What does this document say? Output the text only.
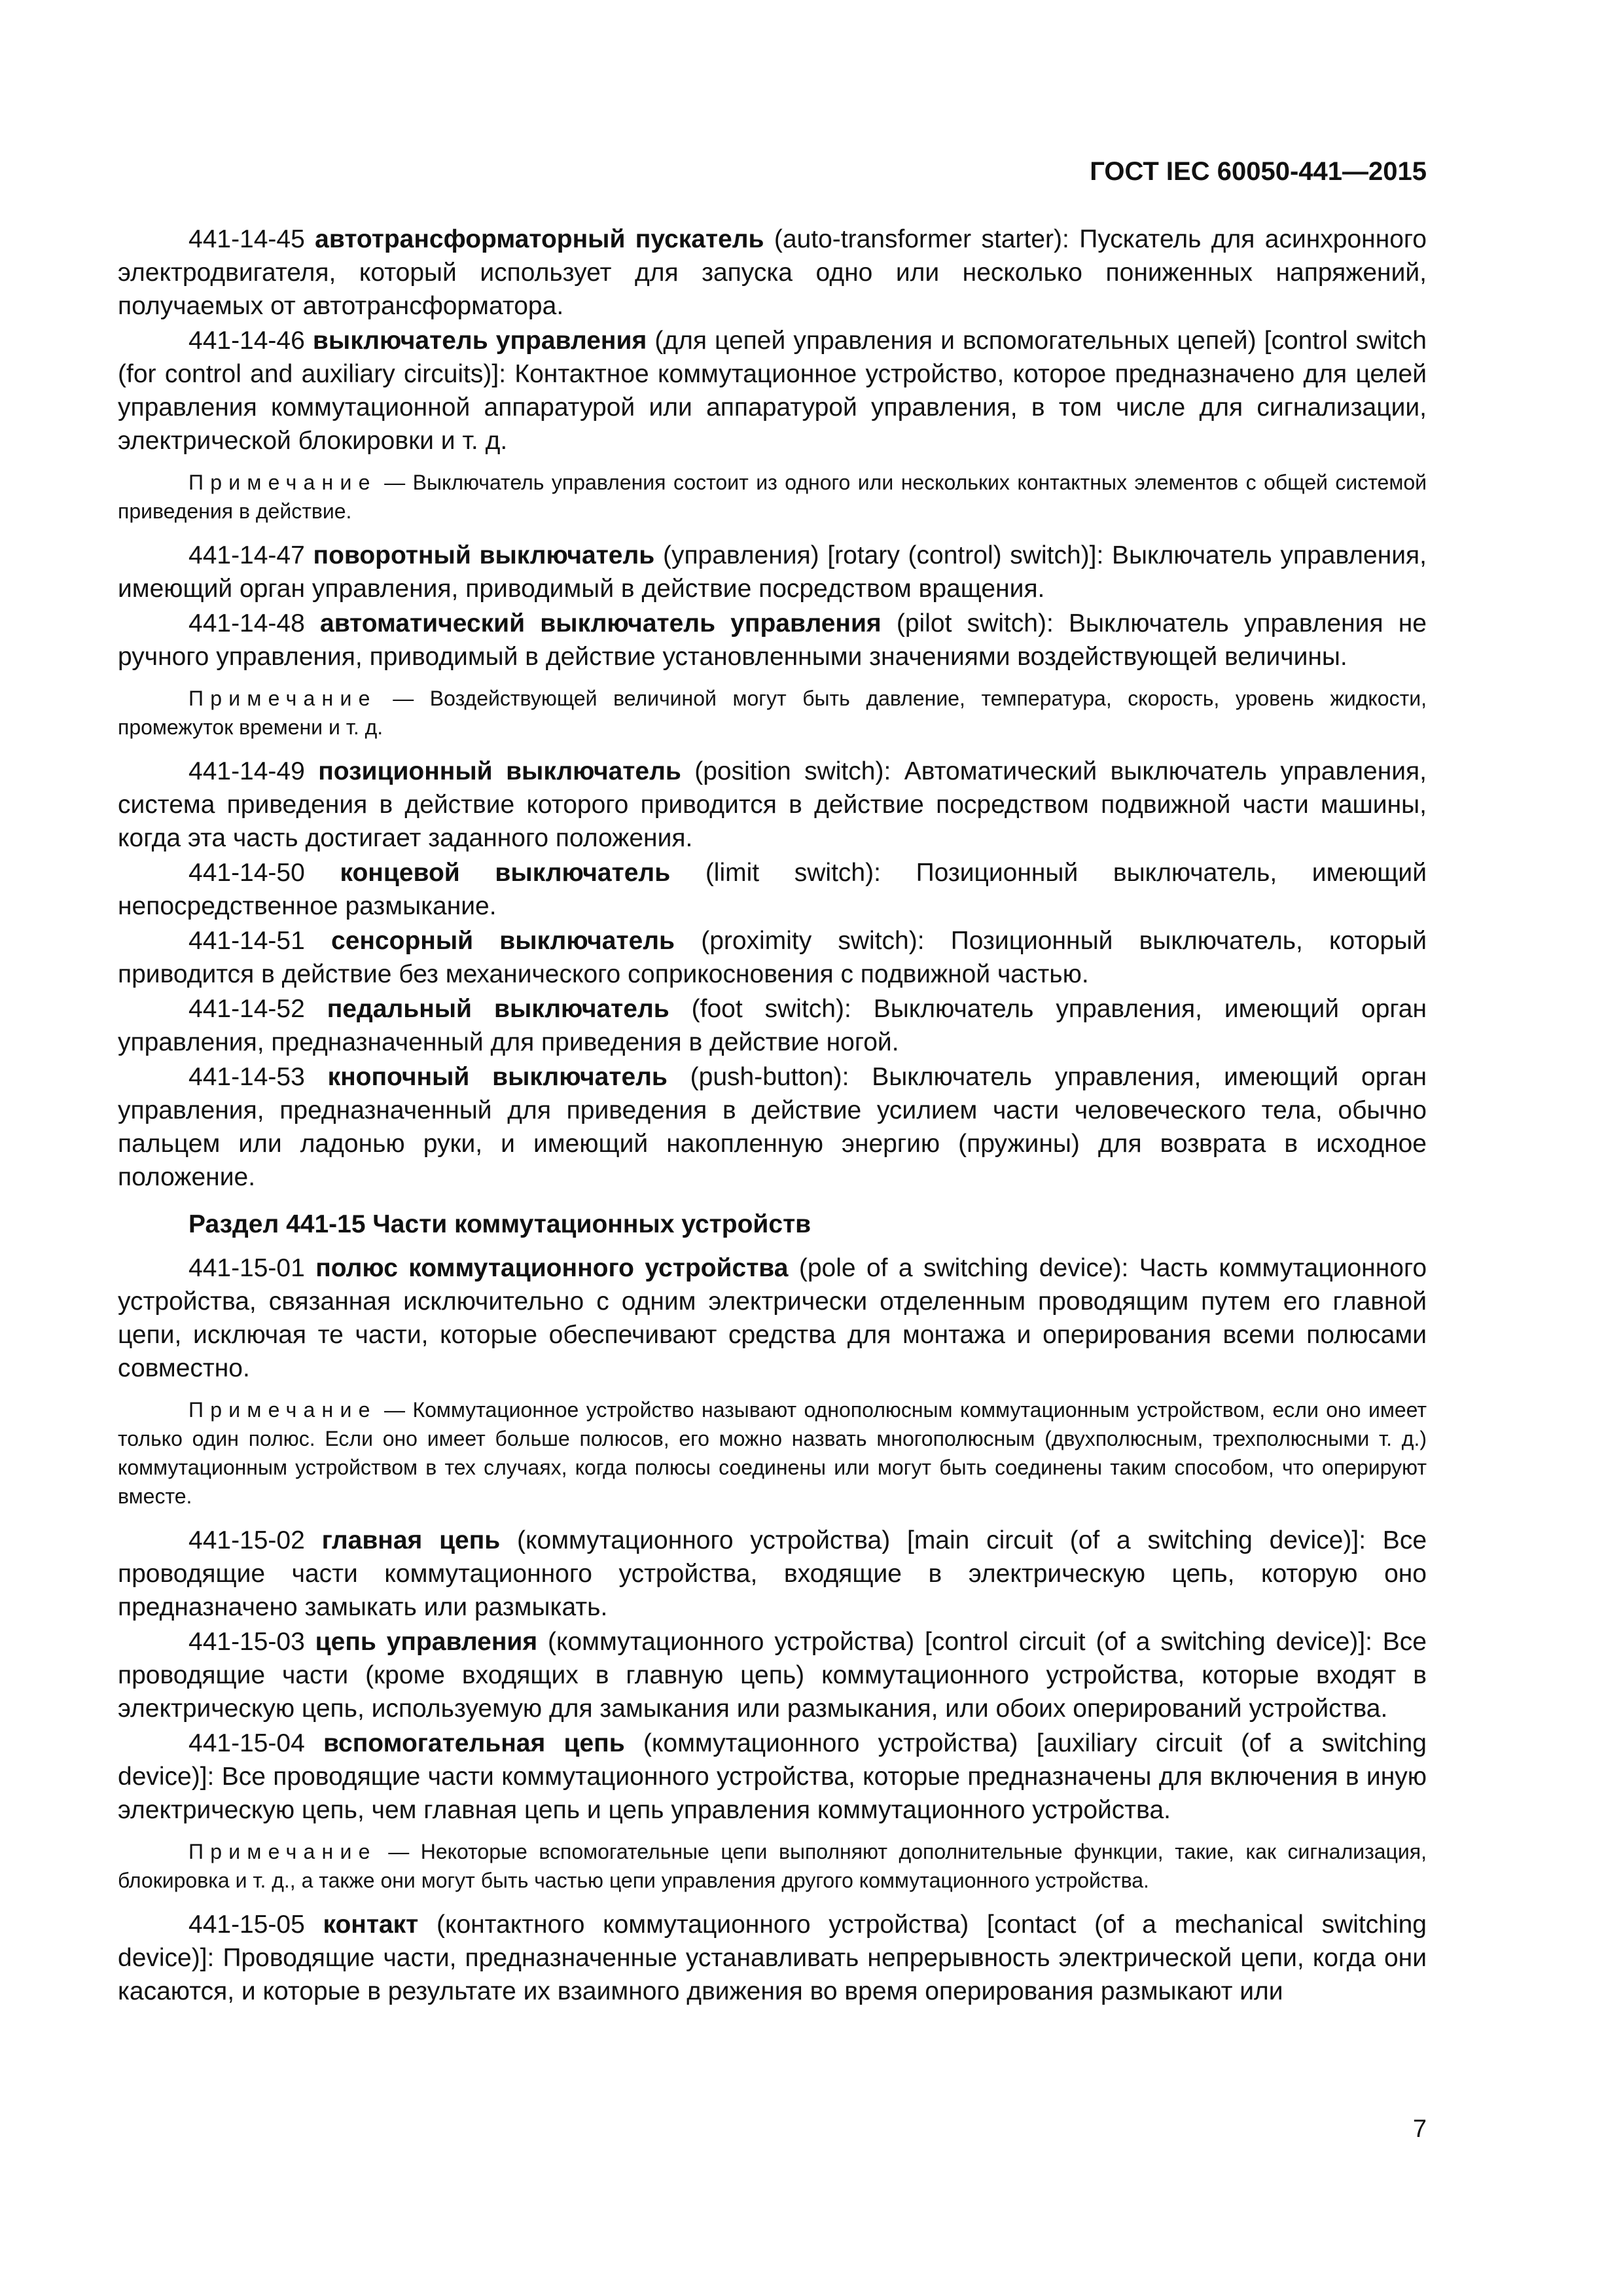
ГОСТ IEC 60050-441—2015

441-14-45 автотрансформаторный пускатель (auto-transformer starter): Пускатель для асинхронного электродвигателя, который использует для запуска одно или несколько пониженных напряжений, получаемых от автотрансформатора.

441-14-46 выключатель управления (для цепей управления и вспомогательных цепей) [control switch (for control and auxiliary circuits)]: Контактное коммутационное устройство, которое предназначено для целей управления коммутационной аппаратурой или аппаратурой управления, в том числе для сигнализации, электрической блокировки и т. д.

Примечание — Выключатель управления состоит из одного или нескольких контактных элементов с общей системой приведения в действие.

441-14-47 поворотный выключатель (управления) [rotary (control) switch)]: Выключатель управления, имеющий орган управления, приводимый в действие посредством вращения.

441-14-48 автоматический выключатель управления (pilot switch): Выключатель управления не ручного управления, приводимый в действие установленными значениями воздействующей величины.

Примечание — Воздействующей величиной могут быть давление, температура, скорость, уровень жидкости, промежуток времени и т. д.

441-14-49 позиционный выключатель (position switch): Автоматический выключатель управления, система приведения в действие которого приводится в действие посредством подвижной части машины, когда эта часть достигает заданного положения.

441-14-50 концевой выключатель (limit switch): Позиционный выключатель, имеющий непосредственное размыкание.

441-14-51 сенсорный выключатель (proximity switch): Позиционный выключатель, который приводится в действие без механического соприкосновения с подвижной частью.

441-14-52 педальный выключатель (foot switch): Выключатель управления, имеющий орган управления, предназначенный для приведения в действие ногой.

441-14-53 кнопочный выключатель (push-button): Выключатель управления, имеющий орган управления, предназначенный для приведения в действие усилием части человеческого тела, обычно пальцем или ладонью руки, и имеющий накопленную энергию (пружины) для возврата в исходное положение.

Раздел 441-15 Части коммутационных устройств

441-15-01 полюс коммутационного устройства (pole of a switching device): Часть коммутационного устройства, связанная исключительно с одним электрически отделенным проводящим путем его главной цепи, исключая те части, которые обеспечивают средства для монтажа и оперирования всеми полюсами совместно.

Примечание — Коммутационное устройство называют однополюсным коммутационным устройством, если оно имеет только один полюс. Если оно имеет больше полюсов, его можно назвать многополюсным (двухполюсным, трехполюсными т. д.) коммутационным устройством в тех случаях, когда полюсы соединены или могут быть соединены таким способом, что оперируют вместе.

441-15-02 главная цепь (коммутационного устройства) [main circuit (of a switching device)]: Все проводящие части коммутационного устройства, входящие в электрическую цепь, которую оно предназначено замыкать или размыкать.

441-15-03 цепь управления (коммутационного устройства) [control circuit (of a switching device)]: Все проводящие части (кроме входящих в главную цепь) коммутационного устройства, которые входят в электрическую цепь, используемую для замыкания или размыкания, или обоих оперирований устройства.

441-15-04 вспомогательная цепь (коммутационного устройства) [auxiliary circuit (of a switching device)]: Все проводящие части коммутационного устройства, которые предназначены для включения в иную электрическую цепь, чем главная цепь и цепь управления коммутационного устройства.

Примечание — Некоторые вспомогательные цепи выполняют дополнительные функции, такие, как сигнализация, блокировка и т. д., а также они могут быть частью цепи управления другого коммутационного устройства.

441-15-05 контакт (контактного коммутационного устройства) [contact (of a mechanical switching device)]: Проводящие части, предназначенные устанавливать непрерывность электрической цепи, когда они касаются, и которые в результате их взаимного движения во время оперирования размыкают или

7
